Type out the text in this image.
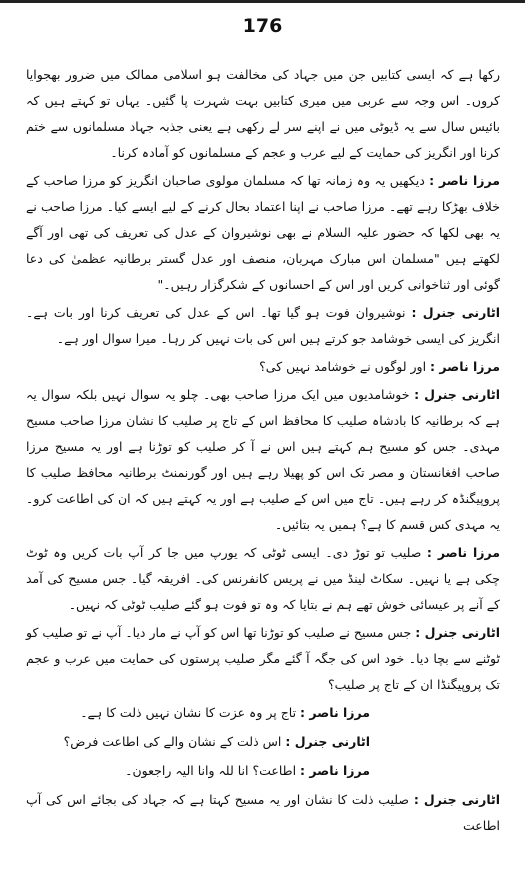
176

رکھا ہے کہ ایسی کتابیں جن میں جہاد کی مخالفت ہو اسلامی ممالک میں ضرور بھجوایا کروں۔ اس وجہ سے عربی میں میری کتابیں بہت شہرت پا گئیں۔ یہاں تو کہتے ہیں کہ بائیس سال سے یہ ڈیوٹی میں نے اپنے سر لے رکھی ہے یعنی جذبہ جہاد مسلمانوں سے ختم کرنا اور انگریز کی حمایت کے لیے عرب و عجم کے مسلمانوں کو آمادہ کرنا۔

مرزا ناصر : دیکھیں یہ وہ زمانہ تھا کہ مسلمان مولوی صاحبان انگریز کو مرزا صاحب کے خلاف بھڑکا رہے تھے۔ مرزا صاحب نے اپنا اعتماد بحال کرنے کے لیے ایسے کیا۔ مرزا صاحب نے یہ بھی لکھا کہ حضور علیہ السلام نے بھی نوشیروان کے عدل کی تعریف کی تھی اور آگے لکھتے ہیں "مسلمان اس مبارک مہربان، منصف اور عدل گستر برطانیہ عظمیٰ کی دعا گوئی اور ثناخوانی کریں اور اس کے احسانوں کے شکرگزار رہیں۔"

اٹارنی جنرل : نوشیروان فوت ہو گیا تھا۔ اس کے عدل کی تعریف کرنا اور بات ہے۔ انگریز کی ایسی خوشامد جو کرتے ہیں اس کی بات نہیں کر رہا۔ میرا سوال اور ہے۔

مرزا ناصر : اور لوگوں نے خوشامد نہیں کی؟

اٹارنی جنرل : خوشامدیوں میں ایک مرزا صاحب بھی۔ چلو یہ سوال نہیں بلکہ سوال یہ ہے کہ برطانیہ کا بادشاہ صلیب کا محافظ اس کے تاج پر صلیب کا نشان مرزا صاحب مسیح مہدی۔ جس کو مسیح ہم کہتے ہیں اس نے آ کر صلیب کو توڑنا ہے اور یہ مسیح مرزا صاحب افغانستان و مصر تک اس کو پھیلا رہے ہیں اور گورنمنٹ برطانیہ محافظ صلیب کا پروپیگنڈہ کر رہے ہیں۔ تاج میں اس کے صلیب ہے اور یہ کہتے ہیں کہ ان کی اطاعت کرو۔ یہ مہدی کس قسم کا ہے؟ ہمیں یہ بتائیں۔

مرزا ناصر : صلیب تو توڑ دی۔ ایسی ٹوٹی کہ یورپ میں جا کر آپ بات کریں وہ ٹوٹ چکی ہے یا نہیں۔ سکاٹ لینڈ میں نے پریس کانفرنس کی۔ افریقہ گیا۔ جس مسیح کی آمد کے آنے پر عیسائی خوش تھے ہم نے بتایا کہ وہ تو فوت ہو گئے صلیب ٹوٹی کہ نہیں۔

اٹارنی جنرل : جس مسیح نے صلیب کو توڑنا تھا اس کو آپ نے مار دیا۔ آپ نے تو صلیب کو ٹوٹنے سے بچا دیا۔ خود اس کی جگہ آ گئے مگر صلیب پرستوں کی حمایت میں عرب و عجم تک پروپیگنڈا ان کے تاج پر صلیب؟

مرزا ناصر : تاج پر وہ عزت کا نشان نہیں ذلت کا ہے۔

اٹارنی جنرل : اس ذلت کے نشان والے کی اطاعت فرض؟

مرزا ناصر : اطاعت؟ انا للہ وانا الیہ راجعون۔

اٹارنی جنرل : صلیب ذلت کا نشان اور یہ مسیح کہتا ہے کہ جہاد کی بجائے اس کی آپ اطاعت
